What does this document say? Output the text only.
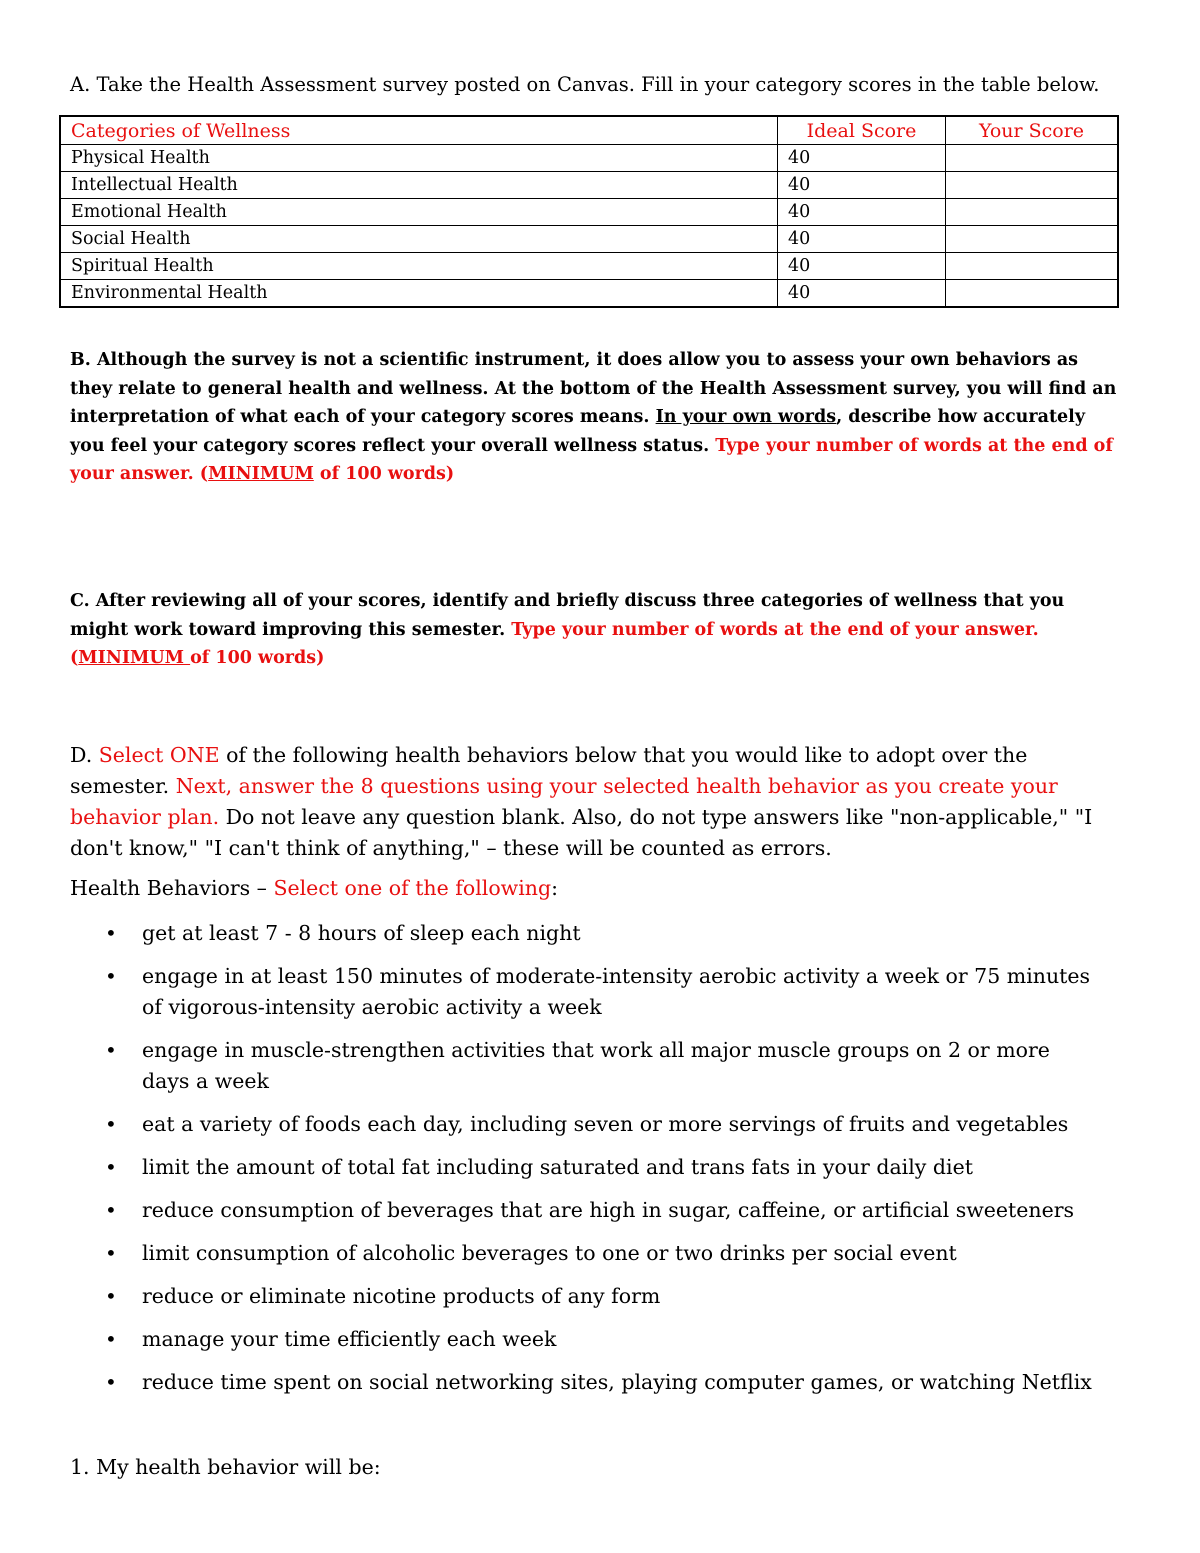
A. Take the Health Assessment survey posted on Canvas. Fill in your category scores in the table below.
Categories of Wellness	Ideal Score	Your Score
Physical Health	40	
Intellectual Health	40	
Emotional Health	40	
Social Health	40	
Spiritual Health	40	
Environmental Health	40	
B. Although the survey is not a scientific instrument, it does allow you to assess your own behaviors as they relate to general health and wellness. At the bottom of the Health Assessment survey, you will find an interpretation of what each of your category scores means. In your own words, describe how accurately you feel your category scores reflect your overall wellness status. Type your number of words at the end of your answer. (MINIMUM of 100 words)
C. After reviewing all of your scores, identify and briefly discuss three categories of wellness that you might work toward improving this semester. Type your number of words at the end of your answer. (MINIMUM of 100 words)
D. Select ONE of the following health behaviors below that you would like to adopt over the semester. Next, answer the 8 questions using your selected health behavior as you create your behavior plan. Do not leave any question blank. Also, do not type answers like "non-applicable," "I don't know," "I can't think of anything," – these will be counted as errors.
Health Behaviors – Select one of the following:
• get at least 7 - 8 hours of sleep each night
• engage in at least 150 minutes of moderate-intensity aerobic activity a week or 75 minutes of vigorous-intensity aerobic activity a week
• engage in muscle-strengthen activities that work all major muscle groups on 2 or more days a week
• eat a variety of foods each day, including seven or more servings of fruits and vegetables
• limit the amount of total fat including saturated and trans fats in your daily diet
• reduce consumption of beverages that are high in sugar, caffeine, or artificial sweeteners
• limit consumption of alcoholic beverages to one or two drinks per social event
• reduce or eliminate nicotine products of any form
• manage your time efficiently each week
• reduce time spent on social networking sites, playing computer games, or watching Netflix
1. My health behavior will be:
